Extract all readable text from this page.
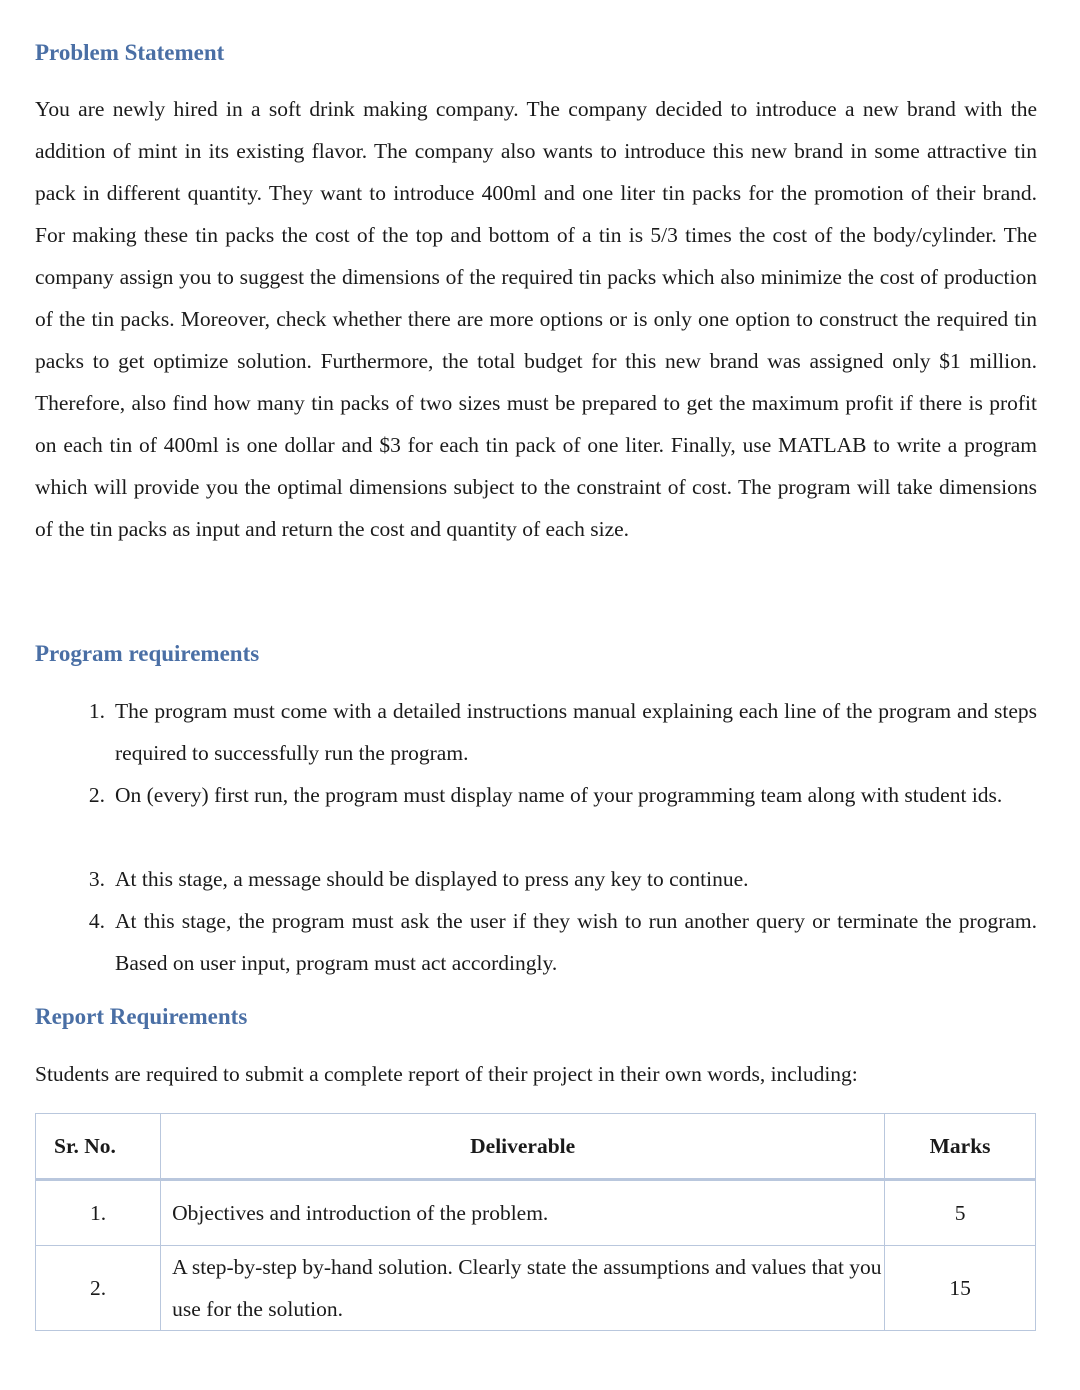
Problem Statement

You are newly hired in a soft drink making company. The company decided to introduce a new brand with the addition of mint in its existing flavor. The company also wants to introduce this new brand in some attractive tin pack in different quantity. They want to introduce 400ml and one liter tin packs for the promotion of their brand. For making these tin packs the cost of the top and bottom of a tin is 5/3 times the cost of the body/cylinder. The company assign you to suggest the dimensions of the required tin packs which also minimize the cost of production of the tin packs. Moreover, check whether there are more options or is only one option to construct the required tin packs to get optimize solution. Furthermore, the total budget for this new brand was assigned only $1 million. Therefore, also find how many tin packs of two sizes must be prepared to get the maximum profit if there is profit on each tin of 400ml is one dollar and $3 for each tin pack of one liter. Finally, use MATLAB to write a program which will provide you the optimal dimensions subject to the constraint of cost. The program will take dimensions of the tin packs as input and return the cost and quantity of each size.

Program requirements
1. The program must come with a detailed instructions manual explaining each line of the program and steps required to successfully run the program.
2. On (every) first run, the program must display name of your programming team along with student ids.
3. At this stage, a message should be displayed to press any key to continue.
4. At this stage, the program must ask the user if they wish to run another query or terminate the program. Based on user input, program must act accordingly.
Report Requirements

Students are required to submit a complete report of their project in their own words, including:

Sr. No.	Deliverable	Marks
1.	Objectives and introduction of the problem.	5
2.	A step-by-step by-hand solution. Clearly state the assumptions and values that you use for the solution.	15
